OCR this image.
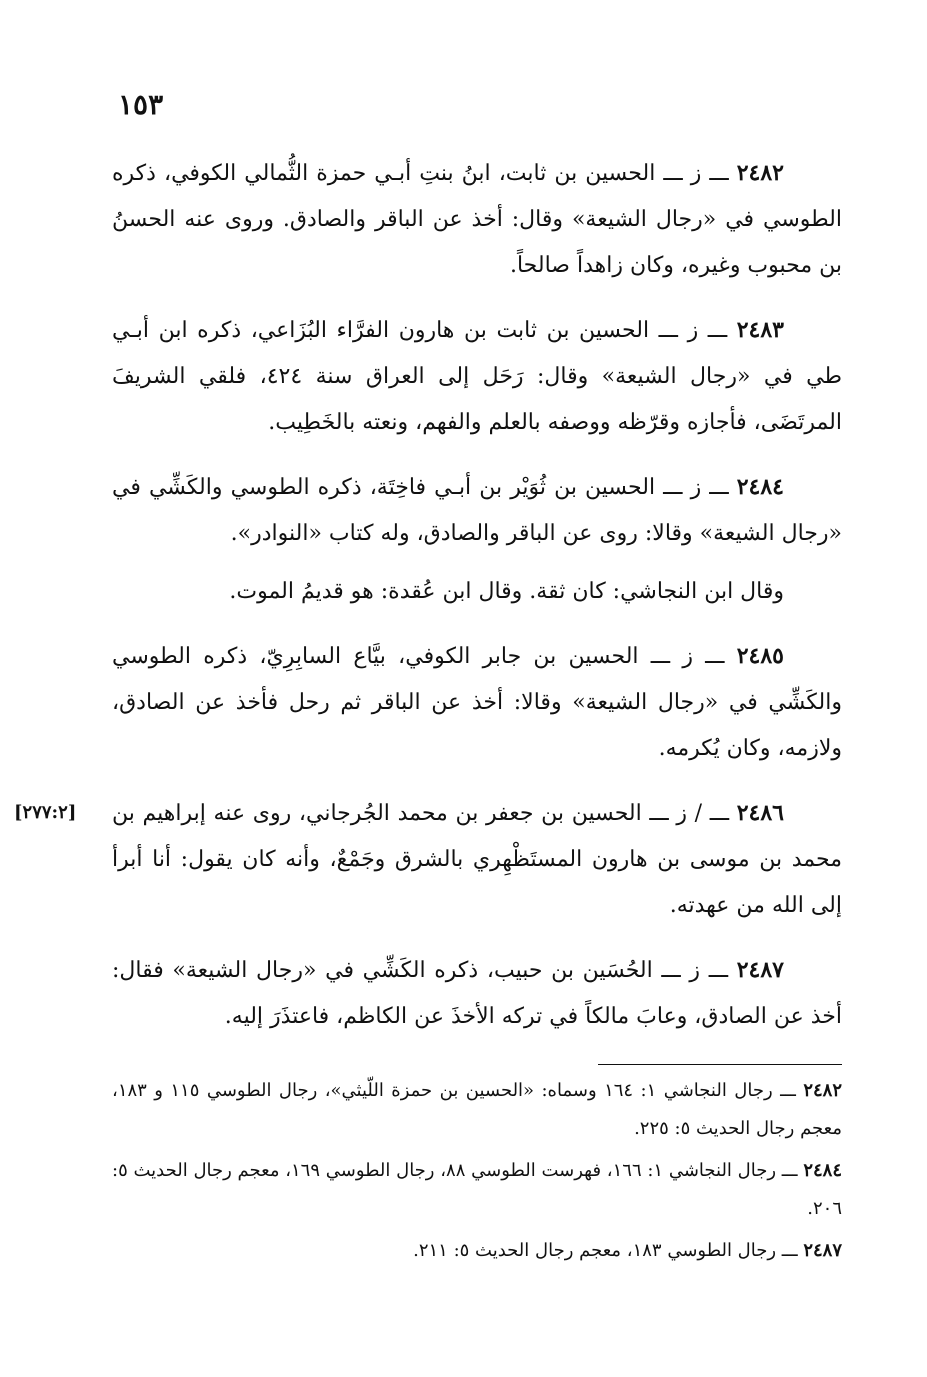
١٥٣

٢٤٨٢ ـــ ز ـــ الحسين بن ثابت، ابنُ بنتِ أبـي حمزة الثُّمالي الكوفي، ذكره الطوسي في «رجال الشيعة» وقال: أخذ عن الباقر والصادق. وروى عنه الحسنُ بن محبوب وغيره، وكان زاهداً صالحاً.

٢٤٨٣ ـــ ز ـــ الحسين بن ثابت بن هارون الفرَّاء البُزَاعي، ذكره ابن أبـي طي في «رجال الشيعة» وقال: رَحَل إلى العراق سنة ٤٢٤، فلقي الشريفَ المرتَضَى، فأجازه وقرّظه ووصفه بالعلم والفهم، ونعته بالخَطِيب.

٢٤٨٤ ـــ ز ـــ الحسين بن ثُوَيْر بن أبـي فاخِتَة، ذكره الطوسي والكَشِّي في «رجال الشيعة» وقالا: روى عن الباقر والصادق، وله كتاب «النوادر».

وقال ابن النجاشي: كان ثقة. وقال ابن عُقدة: هو قديمُ الموت.

٢٤٨٥ ـــ ز ـــ الحسين بن جابر الكوفي، بيَّاع السابِرِيّ، ذكره الطوسي والكَشِّي في «رجال الشيعة» وقالا: أخذ عن الباقر ثم رحل فأخذ عن الصادق، ولازمه، وكان يُكرمه.

[٢٧٧:٢]	٢٤٨٦ ـــ / ز ـــ الحسين بن جعفر بن محمد الجُرجاني، روى عنه إبراهيم بن محمد بن موسى بن هارون المستَظْهِري بالشرق وجَمْعٌ، وأنه كان يقول: أنا أبرأ إلى الله من عهدته.

٢٤٨٧ ـــ ز ـــ الحُسَين بن حبيب، ذكره الكَشِّي في «رجال الشيعة» فقال: أخذ عن الصادق، وعابَ مالكاً في تركه الأخذَ عن الكاظم، فاعتذَرَ إليه.

٢٤٨٢ ـــ رجال النجاشي ١: ١٦٤ وسماه: «الحسين بن حمزة اللّيثي»، رجال الطوسي ١١٥ و ١٨٣، معجم رجال الحديث ٥: ٢٢٥.

٢٤٨٤ ـــ رجال النجاشي ١: ١٦٦، فهرست الطوسي ٨٨، رجال الطوسي ١٦٩، معجم رجال الحديث ٥: ٢٠٦.

٢٤٨٧ ـــ رجال الطوسي ١٨٣، معجم رجال الحديث ٥: ٢١١.
